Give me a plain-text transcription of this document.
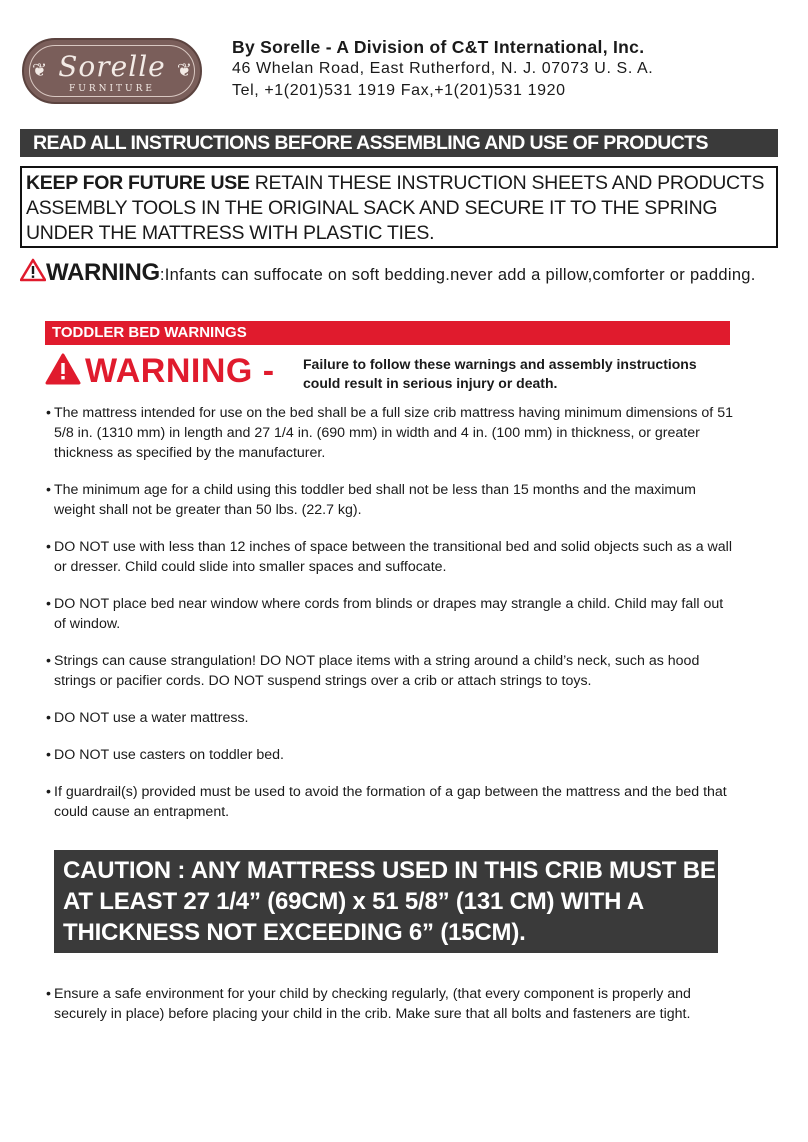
❦	❦
Sorelle
FURNITURE
By Sorelle - A Division of C&T International, Inc.
46 Whelan Road, East Rutherford, N. J. 07073 U. S. A.
Tel, +1(201)531 1919 Fax,+1(201)531 1920
READ ALL INSTRUCTIONS BEFORE ASSEMBLING AND USE OF PRODUCTS
KEEP FOR FUTURE USE RETAIN THESE INSTRUCTION SHEETS AND PRODUCTS ASSEMBLY TOOLS IN THE ORIGINAL SACK AND SECURE IT TO THE SPRING UNDER THE MATTRESS WITH PLASTIC TIES.
WARNING:Infants can suffocate on soft bedding.never add a pillow,comforter or padding.
TODDLER BED WARNINGS
WARNING - Failure to follow these warnings and assembly instructions
could result in serious injury or death.
• The mattress intended for use on the bed shall be a full size crib mattress having minimum dimensions of 51 5/8 in. (1310 mm) in length and 27 1/4 in. (690 mm) in width and 4 in. (100 mm) in thickness, or greater thickness as specified by the manufacturer.
• The minimum age for a child using this toddler bed shall not be less than 15 months and the maximum weight shall not be greater than 50 lbs. (22.7 kg).
• DO NOT use with less than 12 inches of space between the transitional bed and solid objects such as a wall or dresser. Child could slide into smaller spaces and suffocate.
• DO NOT place bed near window where cords from blinds or drapes may strangle a child. Child may fall out of window.
• Strings can cause strangulation! DO NOT place items with a string around a child’s neck, such as hood strings or pacifier cords. DO NOT suspend strings over a crib or attach strings to toys.
• DO NOT use a water mattress.
• DO NOT use casters on toddler bed.
• If guardrail(s) provided must be used to avoid the formation of a gap between the mattress and the bed that could cause an entrapment.
CAUTION : ANY MATTRESS USED IN THIS CRIB MUST BE AT LEAST 27 1/4” (69CM) x 51 5/8” (131 CM) WITH A THICKNESS NOT EXCEEDING 6” (15CM).
• Ensure a safe environment for your child by checking regularly, (that every component is properly and securely in place) before placing your child in the crib. Make sure that all bolts and fasteners are tight.
